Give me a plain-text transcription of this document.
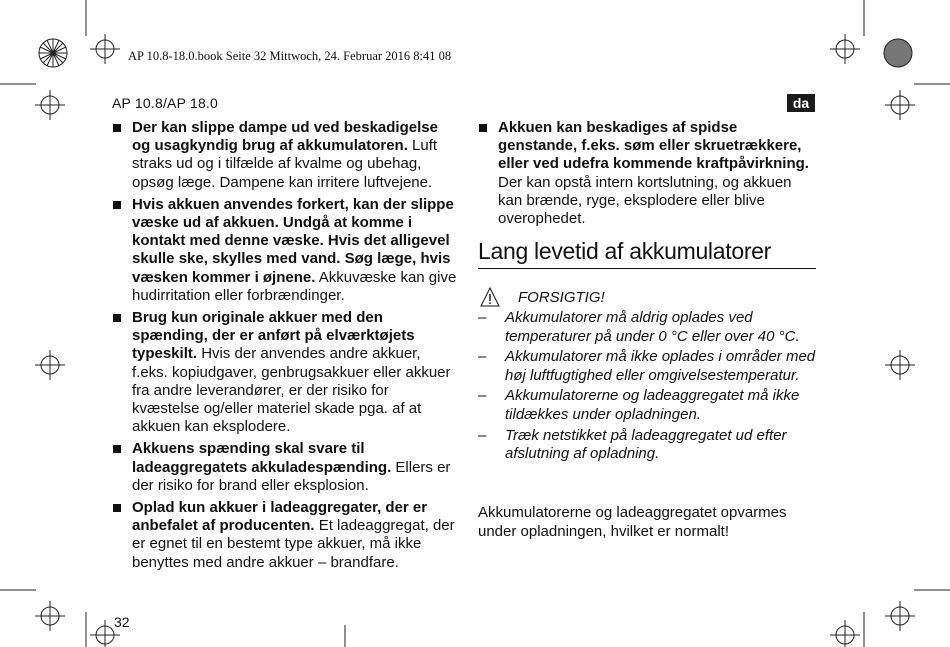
AP 10.8-18.0.book Seite 32 Mittwoch, 24. Februar 2016 8:41 08
AP 10.8/AP 18.0	da
Der kan slippe dampe ud ved beskadigelse og usagkyndig brug af akkumulatoren. Luft straks ud og i tilfælde af kvalme og ubehag, opsøg læge. Dampene kan irritere luftvejene.
Hvis akkuen anvendes forkert, kan der slippe væske ud af akkuen. Undgå at komme i kontakt med denne væske. Hvis det alligevel skulle ske, skylles med vand. Søg læge, hvis væsken kommer i øjnene. Akkuvæske kan give hudirritation eller forbrændinger.
Brug kun originale akkuer med den spænding, der er anført på elværktøjets typeskilt. Hvis der anvendes andre akkuer, f.eks. kopiudgaver, genbrugsakkuer eller akkuer fra andre leverandører, er der risiko for kvæstelse og/eller materiel skade pga. af at akkuen kan eksplodere.
Akkuens spænding skal svare til ladeaggregatets akkuladespænding. Ellers er der risiko for brand eller eksplosion.
Oplad kun akkuer i ladeaggregater, der er anbefalet af producenten. Et ladeaggregat, der er egnet til en bestemt type akkuer, må ikke benyttes med andre akkuer – brandfare.
Akkuen kan beskadiges af spidse genstande, f.eks. søm eller skruetrækkere, eller ved udefra kommende kraftpåvirkning. Der kan opstå intern kortslutning, og akkuen kan brænde, ryge, eksplodere eller blive overophedet.
Lang levetid af akkumulatorer
FORSIGTIG!
– Akkumulatorer må aldrig oplades ved temperaturer på under 0 °C eller over 40 °C.
– Akkumulatorer må ikke oplades i områder med høj luftfugtighed eller omgivelsestemperatur.
– Akkumulatorerne og ladeaggregatet må ikke tildækkes under opladningen.
– Træk netstikket på ladeaggregatet ud efter afslutning af opladning.
Akkumulatorerne og ladeaggregatet opvarmes under opladningen, hvilket er normalt!
32
